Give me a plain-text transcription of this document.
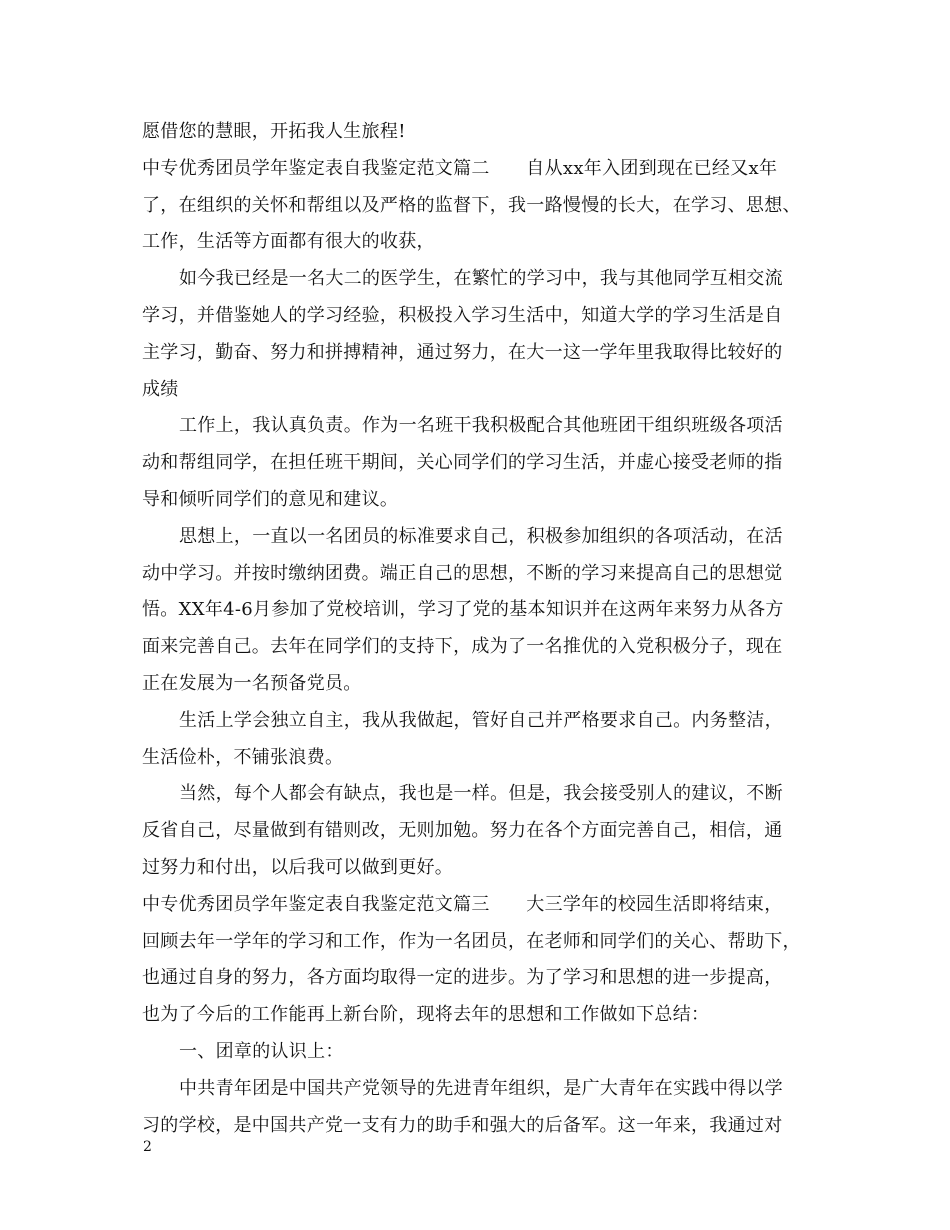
愿借您的慧眼，开拓我人生旅程!
中专优秀团员学年鉴定表自我鉴定范文篇二　　自从xx年入团到现在已经又x年
了，在组织的关怀和帮组以及严格的监督下，我一路慢慢的长大，在学习、思想、
工作，生活等方面都有很大的收获，
如今我已经是一名大二的医学生，在繁忙的学习中，我与其他同学互相交流
学习，并借鉴她人的学习经验，积极投入学习生活中，知道大学的学习生活是自
主学习，勤奋、努力和拼搏精神，通过努力，在大一这一学年里我取得比较好的
成绩
工作上，我认真负责。作为一名班干我积极配合其他班团干组织班级各项活
动和帮组同学，在担任班干期间，关心同学们的学习生活，并虚心接受老师的指
导和倾听同学们的意见和建议。
思想上，一直以一名团员的标准要求自己，积极参加组织的各项活动，在活
动中学习。并按时缴纳团费。端正自己的思想，不断的学习来提高自己的思想觉
悟。XX年4-6月参加了党校培训，学习了党的基本知识并在这两年来努力从各方
面来完善自己。去年在同学们的支持下，成为了一名推优的入党积极分子，现在
正在发展为一名预备党员。
生活上学会独立自主，我从我做起，管好自己并严格要求自己。内务整洁，
生活俭朴，不铺张浪费。
当然，每个人都会有缺点，我也是一样。但是，我会接受别人的建议，不断
反省自己，尽量做到有错则改，无则加勉。努力在各个方面完善自己，相信，通
过努力和付出，以后我可以做到更好。
中专优秀团员学年鉴定表自我鉴定范文篇三　　大三学年的校园生活即将结束，
回顾去年一学年的学习和工作，作为一名团员，在老师和同学们的关心、帮助下，
也通过自身的努力，各方面均取得一定的进步。为了学习和思想的进一步提高，
也为了今后的工作能再上新台阶，现将去年的思想和工作做如下总结：
一、团章的认识上：
中共青年团是中国共产党领导的先进青年组织，是广大青年在实践中得以学
习的学校，是中国共产党一支有力的助手和强大的后备军。这一年来，我通过对
2
